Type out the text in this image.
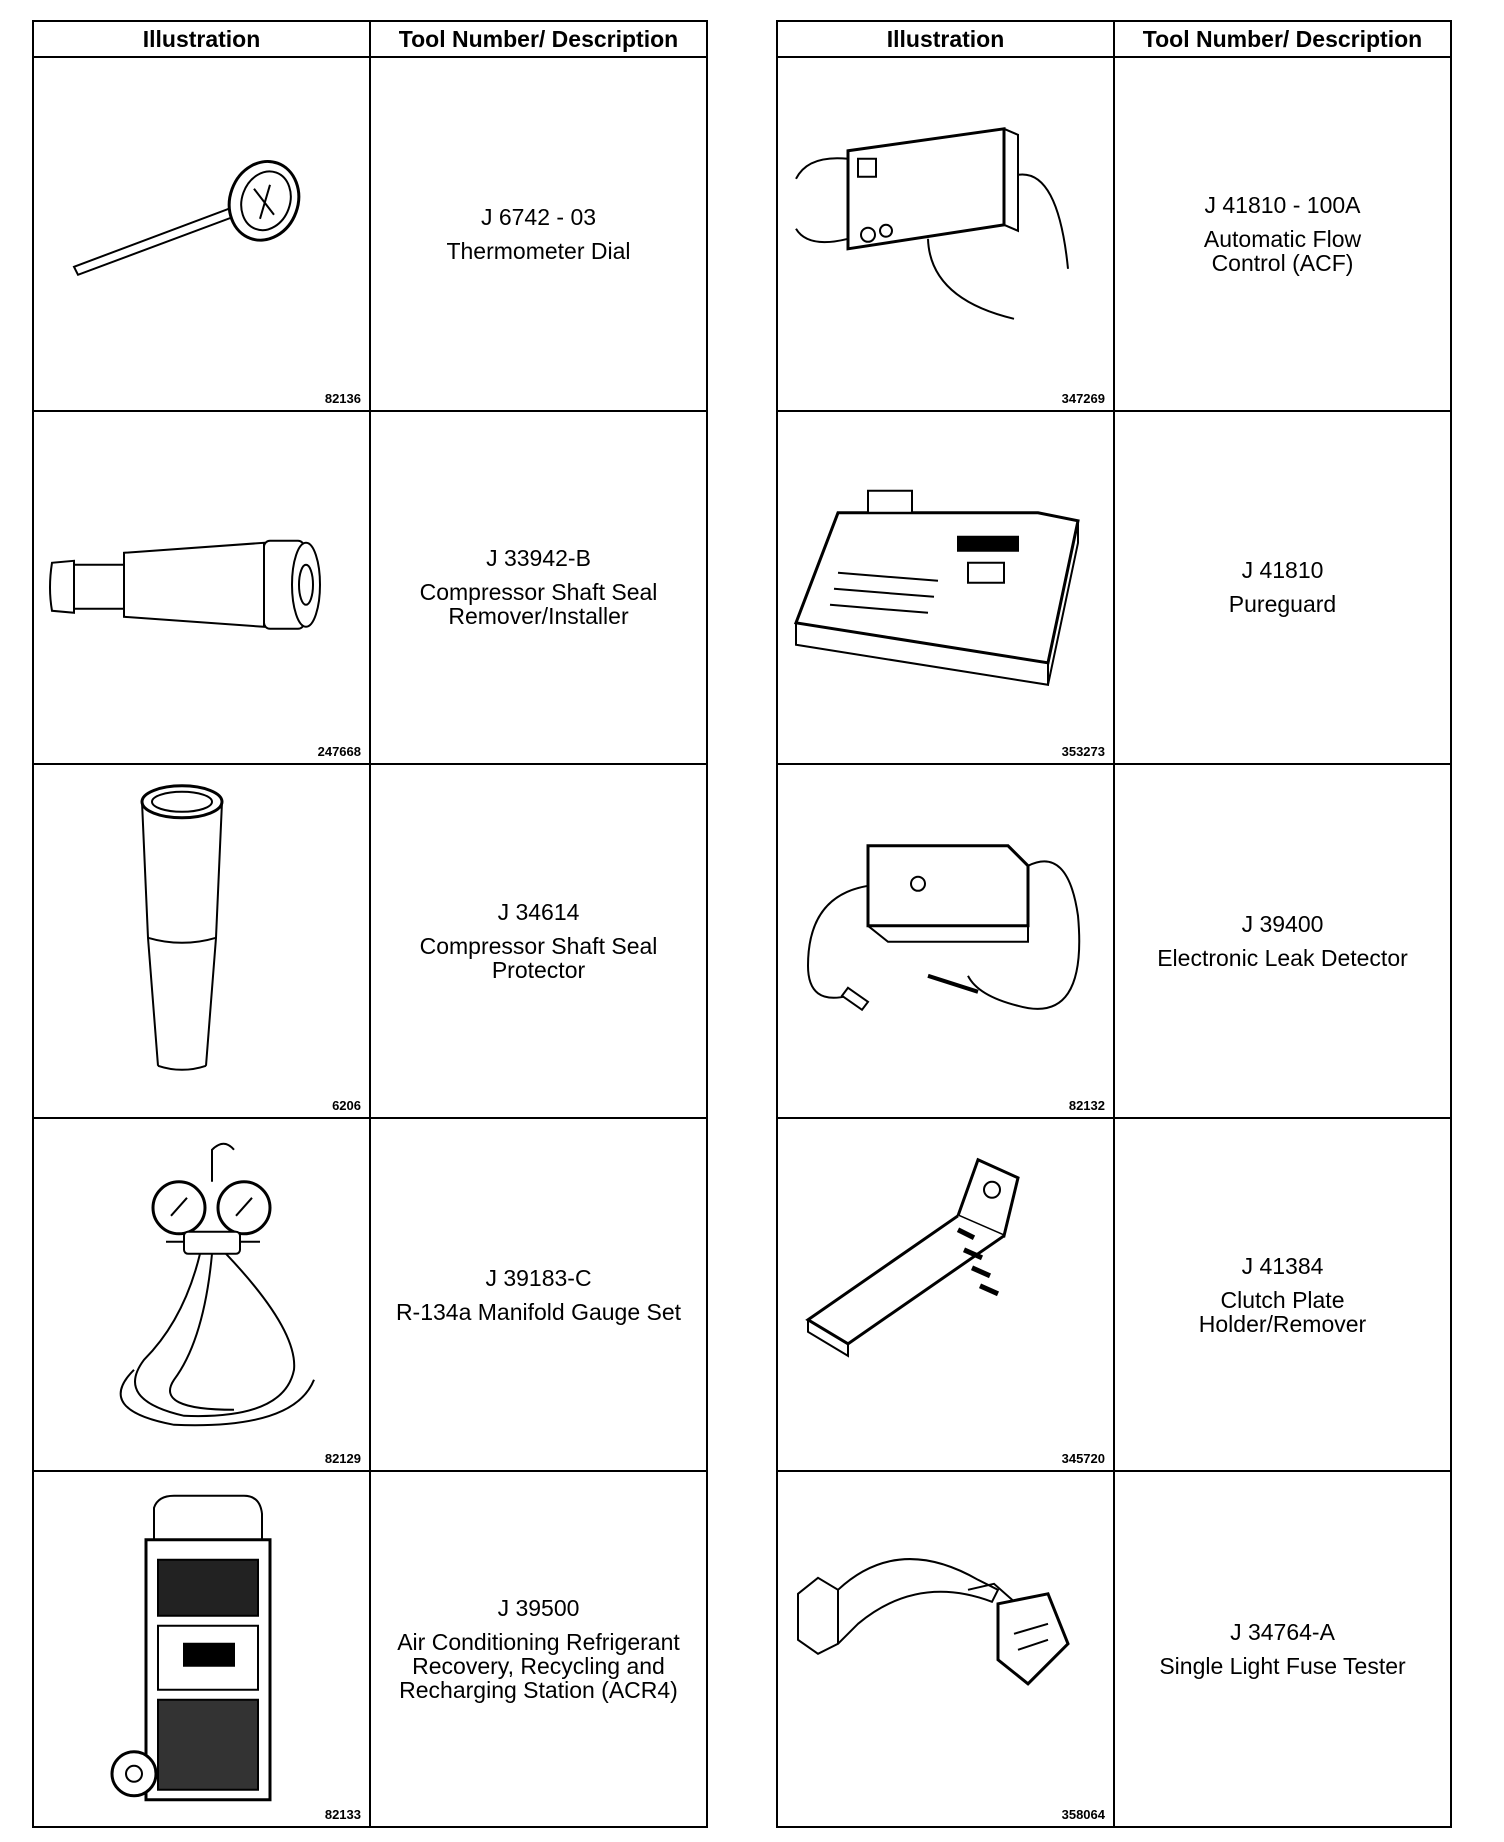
Illustration	Tool Number/ Description
82136
J 6742 - 03
Thermometer Dial
247668
J 33942-B
Compressor Shaft Seal
Remover/Installer
6206
J 34614
Compressor Shaft Seal
Protector
82129
J 39183-C
R-134a Manifold Gauge Set
82133
J 39500
Air Conditioning Refrigerant
Recovery, Recycling and
Recharging Station (ACR4)
Illustration	Tool Number/ Description
347269
J 41810 - 100A
Automatic Flow
Control (ACF)
353273
J 41810
Pureguard
82132
J 39400
Electronic Leak Detector
345720
J 41384
Clutch Plate
Holder/Remover
358064
J 34764-A
Single Light Fuse Tester
